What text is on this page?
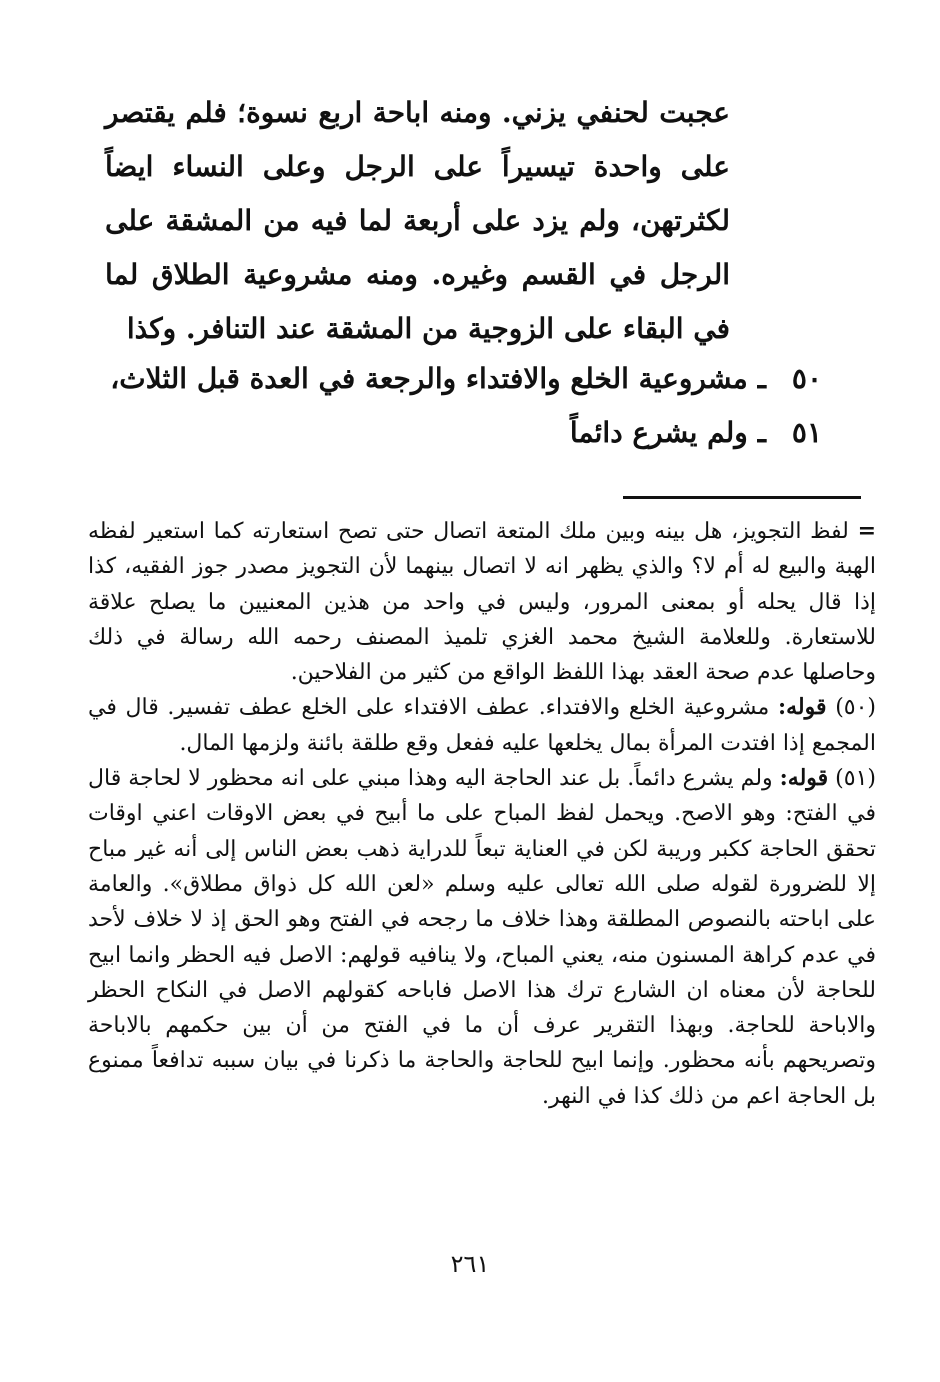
عجبت لحنفي يزني. ومنه اباحة اربع نسوة؛ فلم يقتصر على واحدة تيسيراً على الرجل وعلى النساء ايضاً لكثرتهن، ولم يزد على أربعة لما فيه من المشقة على الرجل في القسم وغيره. ومنه مشروعية الطلاق لما في البقاء على الزوجية من المشقة عند التنافر. وكذا

٥٠ـمشروعية الخلع والافتداء والرجعة في العدة قبل الثلاث،
٥١ـولم يشرع دائماً

= لفظ التجويز، هل بينه وبين ملك المتعة اتصال حتى تصح استعارته كما استعير لفظه الهبة والبيع له أم لا؟ والذي يظهر انه لا اتصال بينهما لأن التجويز مصدر جوز الفقيه، كذا إذا قال يحله أو بمعنى المرور، وليس في واحد من هذين المعنيين ما يصلح علاقة للاستعارة. وللعلامة الشيخ محمد الغزي تلميذ المصنف رحمه الله رسالة في ذلك وحاصلها عدم صحة العقد بهذا اللفظ الواقع من كثير من الفلاحين.

(٥٠) قوله: مشروعية الخلع والافتداء. عطف الافتداء على الخلع عطف تفسير. قال في المجمع إذا افتدت المرأة بمال يخلعها عليه ففعل وقع طلقة بائنة ولزمها المال.

(٥١) قوله: ولم يشرع دائماً. بل عند الحاجة اليه وهذا مبني على انه محظور لا لحاجة قال في الفتح: وهو الاصح. ويحمل لفظ المباح على ما أبيح في بعض الاوقات اعني اوقات تحقق الحاجة ككبر وريبة لكن في العناية تبعاً للدراية ذهب بعض الناس إلى أنه غير مباح إلا للضرورة لقوله صلى الله تعالى عليه وسلم «لعن الله كل ذواق مطلاق». والعامة على اباحته بالنصوص المطلقة وهذا خلاف ما رجحه في الفتح وهو الحق إذ لا خلاف لأحد في عدم كراهة المسنون منه، يعني المباح، ولا ينافيه قولهم: الاصل فيه الحظر وانما ابيح للحاجة لأن معناه ان الشارع ترك هذا الاصل فاباحه كقولهم الاصل في النكاح الحظر والاباحة للحاجة. وبهذا التقرير عرف أن ما في الفتح من أن بين حكمهم بالاباحة وتصريحهم بأنه محظور. وإنما ابيح للحاجة والحاجة ما ذكرنا في بيان سببه تدافعاً ممنوع بل الحاجة اعم من ذلك كذا في النهر.

٢٦١
